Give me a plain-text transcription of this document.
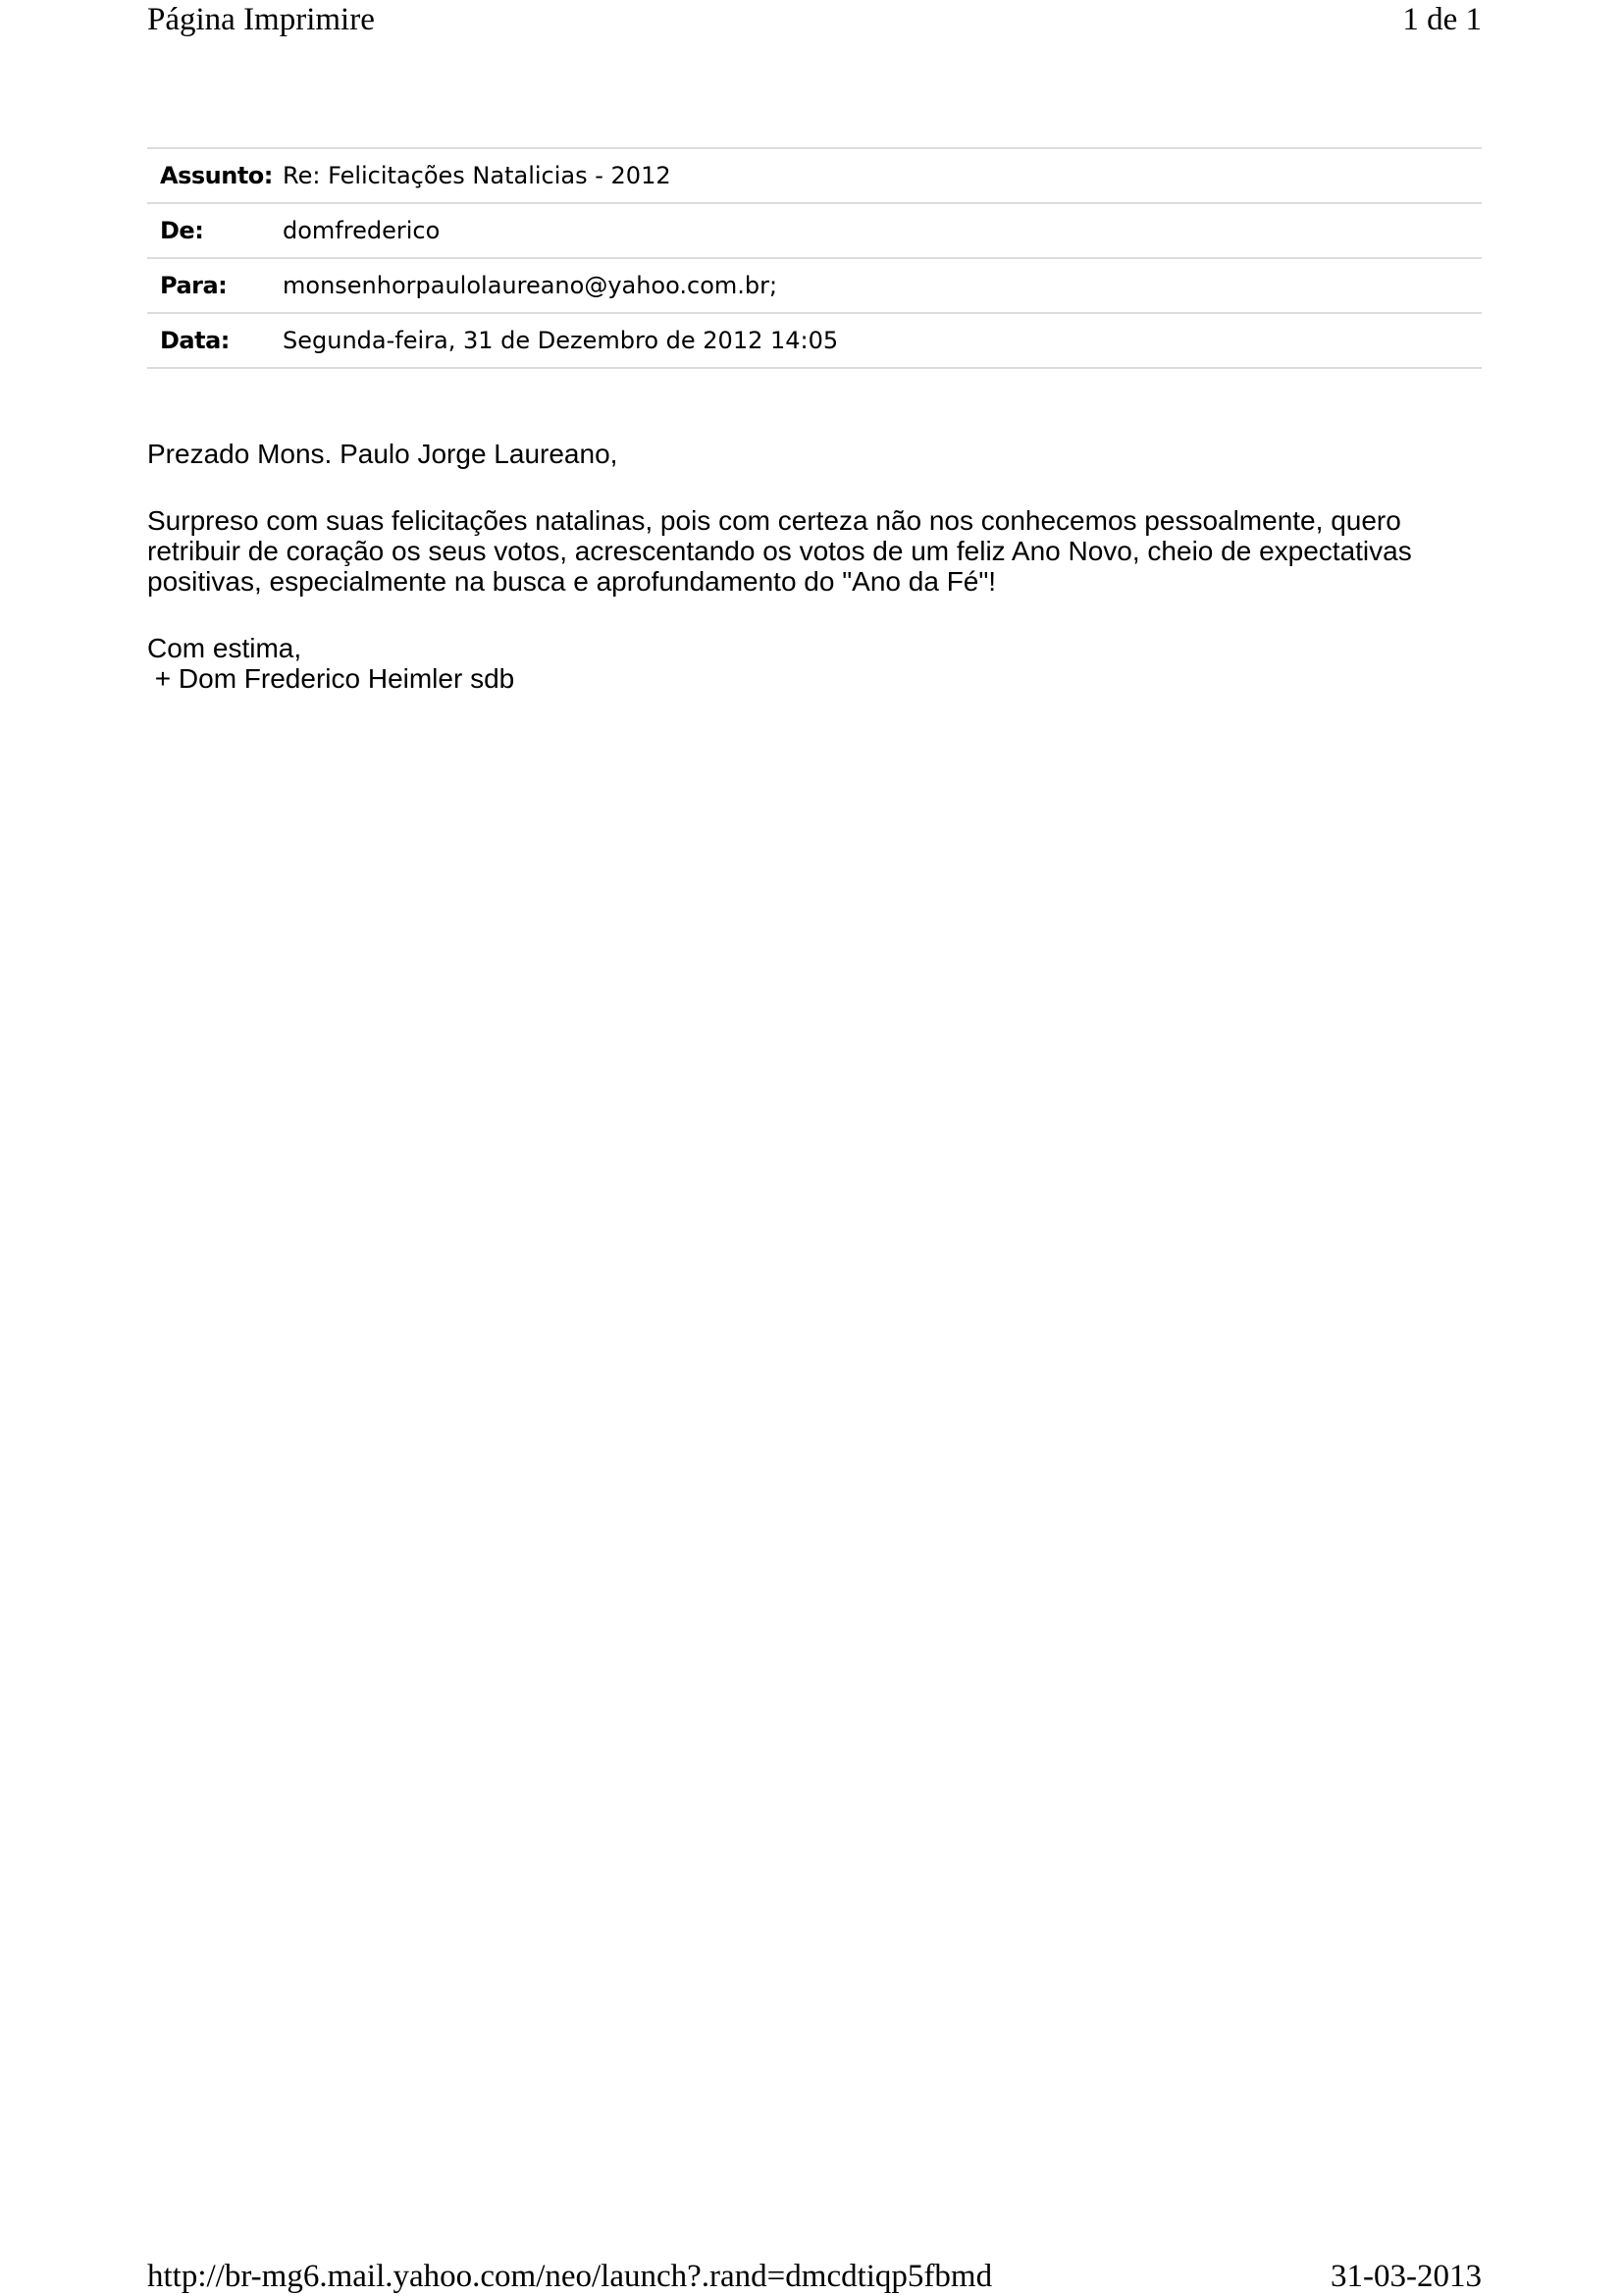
Página Imprimire	1 de 1
Assunto: Re: Felicitações Natalicias - 2012
De:	domfrederico
Para:	monsenhorpaulolaureano@yahoo.com.br;
Data:	Segunda-feira, 31 de Dezembro de 2012 14:05

Prezado Mons. Paulo Jorge Laureano,

Surpreso com suas felicitações natalinas, pois com certeza não nos conhecemos pessoalmente, quero

retribuir de coração os seus votos, acrescentando os votos de um feliz Ano Novo, cheio de expectativas

positivas, especialmente na busca e aprofundamento do "Ano da Fé"!

Com estima,

+ Dom Frederico Heimler sdb

http://br-mg6.mail.yahoo.com/neo/launch?.rand=dmcdtiqp5fbmd	31-03-2013
